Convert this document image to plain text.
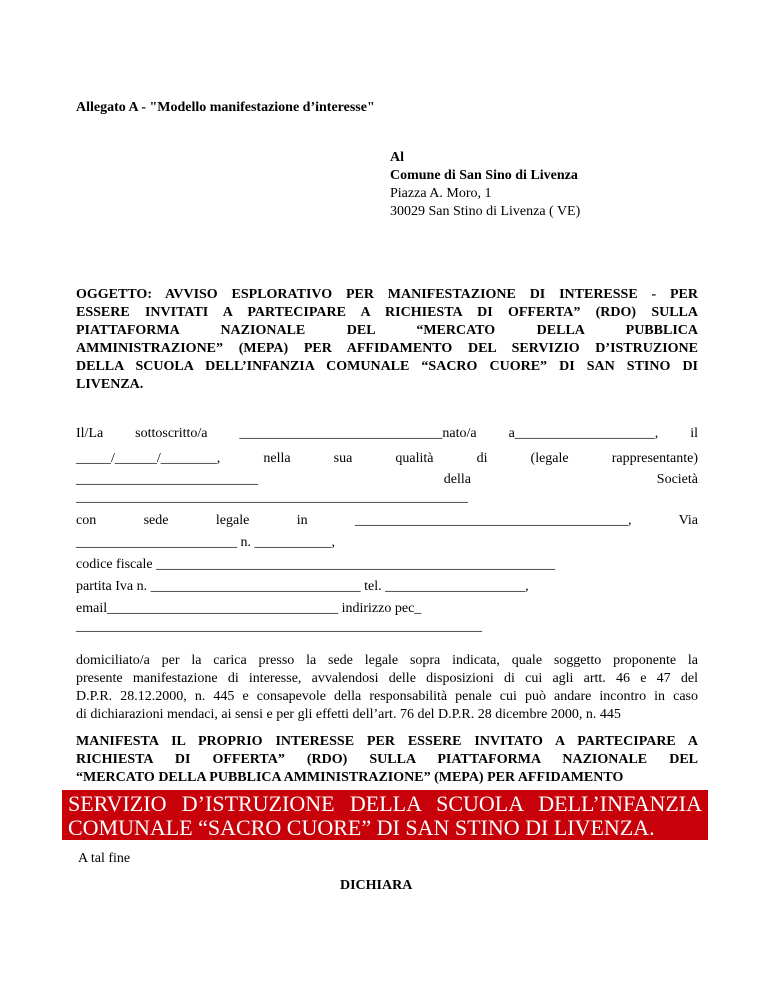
Allegato A - "Modello manifestazione d’interesse"
Al
Comune di San Sino di Livenza
Piazza A. Moro, 1
30029 San Stino di Livenza ( VE)
OGGETTO: AVVISO ESPLORATIVO PER MANIFESTAZIONE DI INTERESSE - PER
ESSERE INVITATI A PARTECIPARE A RICHIESTA DI OFFERTA” (RDO) SULLA
PIATTAFORMA NAZIONALE DEL “MERCATO DELLA PUBBLICA
AMMINISTRAZIONE” (MEPA) PER AFFIDAMENTO DEL SERVIZIO D’ISTRUZIONE
DELLA SCUOLA DELL’INFANZIA COMUNALE “SACRO CUORE” DI SAN STINO DI
LIVENZA.
Il/La sottoscritto/a _____________________________nato/a a____________________, il
_____/______/________, nella sua qualità di (legale rappresentante)
__________________________ della Società
________________________________________________________
con sede legale in _______________________________________, Via
_______________________ n. ___________,
codice fiscale _________________________________________________________
partita Iva n. ______________________________ tel. ____________________,
email_________________________________ indirizzo pec_
__________________________________________________________
domiciliato/a per la carica presso la sede legale sopra indicata, quale soggetto proponente la
presente manifestazione di interesse, avvalendosi delle disposizioni di cui agli artt. 46 e 47 del
D.P.R. 28.12.2000, n. 445 e consapevole della responsabilità penale cui può andare incontro in caso
di dichiarazioni mendaci, ai sensi e per gli effetti dell’art. 76 del D.P.R. 28 dicembre 2000, n. 445
MANIFESTA IL PROPRIO INTERESSE PER ESSERE INVITATO A PARTECIPARE A
RICHIESTA DI OFFERTA” (RDO) SULLA PIATTAFORMA NAZIONALE DEL
“MERCATO DELLA PUBBLICA AMMINISTRAZIONE” (MEPA) PER AFFIDAMENTO
SERVIZIO D’ISTRUZIONE DELLA SCUOLA DELL’INFANZIA
COMUNALE “SACRO CUORE” DI SAN STINO DI LIVENZA.
A tal fine
DICHIARA
